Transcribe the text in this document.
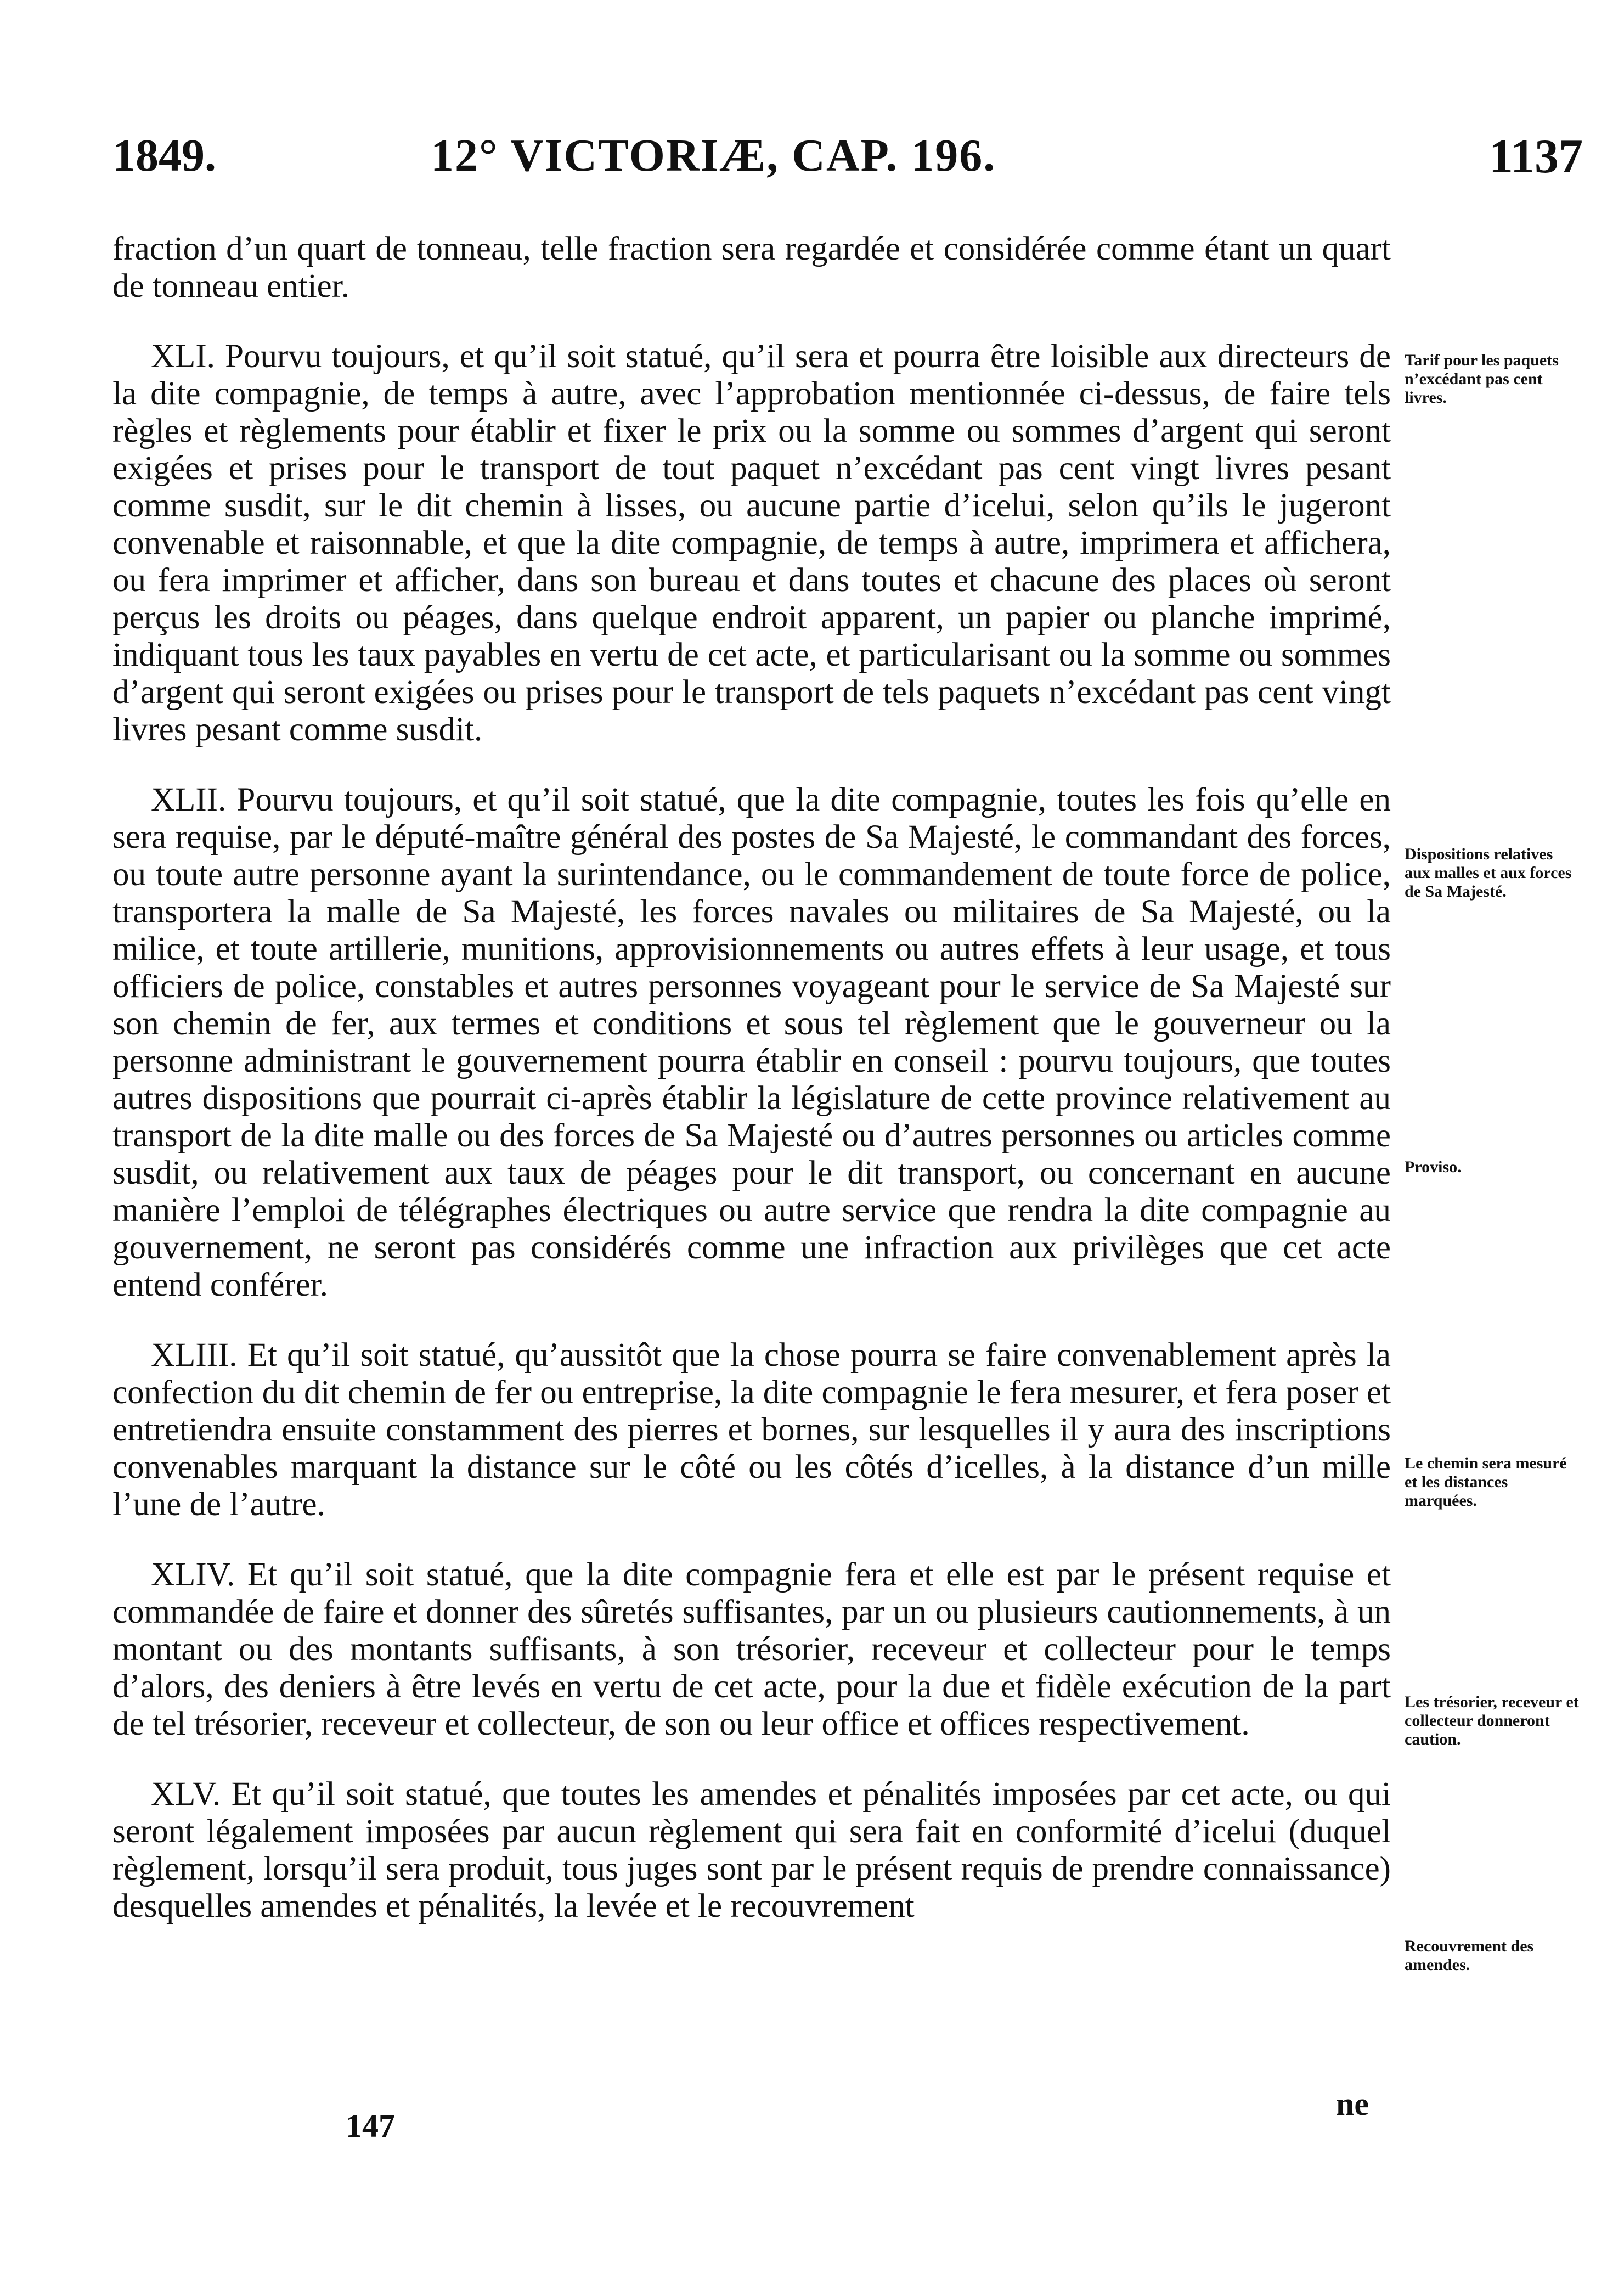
1849.	12° VICTORIÆ, CAP. 196.	1137
fraction d’un quart de tonneau, telle fraction sera regardée et considérée comme étant un quart de tonneau entier.
XLI. Pourvu toujours, et qu’il soit statué, qu’il sera et pourra être loisible aux directeurs de la dite compagnie, de temps à autre, avec l’approbation mentionnée ci-dessus, de faire tels règles et règlements pour établir et fixer le prix ou la somme ou sommes d’argent qui seront exigées et prises pour le transport de tout paquet n’excédant pas cent vingt livres pesant comme susdit, sur le dit chemin à lisses, ou aucune partie d’icelui, selon qu’ils le jugeront convenable et raisonnable, et que la dite compagnie, de temps à autre, imprimera et affichera, ou fera imprimer et afficher, dans son bureau et dans toutes et chacune des places où seront perçus les droits ou péages, dans quelque endroit apparent, un papier ou planche imprimé, indiquant tous les taux payables en vertu de cet acte, et particularisant ou la somme ou sommes d’argent qui seront exigées ou prises pour le transport de tels paquets n’excédant pas cent vingt livres pesant comme susdit.
XLII. Pourvu toujours, et qu’il soit statué, que la dite compagnie, toutes les fois qu’elle en sera requise, par le député-maître général des postes de Sa Majesté, le commandant des forces, ou toute autre personne ayant la surintendance, ou le commandement de toute force de police, transportera la malle de Sa Majesté, les forces navales ou militaires de Sa Majesté, ou la milice, et toute artillerie, munitions, approvisionnements ou autres effets à leur usage, et tous officiers de police, constables et autres personnes voyageant pour le service de Sa Majesté sur son chemin de fer, aux termes et conditions et sous tel règlement que le gouverneur ou la personne administrant le gouvernement pourra établir en conseil : pourvu toujours, que toutes autres dispositions que pourrait ci-après établir la législature de cette province relativement au transport de la dite malle ou des forces de Sa Majesté ou d’autres personnes ou articles comme susdit, ou relativement aux taux de péages pour le dit transport, ou concernant en aucune manière l’emploi de télégraphes électriques ou autre service que rendra la dite compagnie au gouvernement, ne seront pas considérés comme une infraction aux privilèges que cet acte entend conférer.
XLIII. Et qu’il soit statué, qu’aussitôt que la chose pourra se faire convenablement après la confection du dit chemin de fer ou entreprise, la dite compagnie le fera mesurer, et fera poser et entretiendra ensuite constamment des pierres et bornes, sur lesquelles il y aura des inscriptions convenables marquant la distance sur le côté ou les côtés d’icelles, à la distance d’un mille l’une de l’autre.
XLIV. Et qu’il soit statué, que la dite compagnie fera et elle est par le présent requise et commandée de faire et donner des sûretés suffisantes, par un ou plusieurs cautionnements, à un montant ou des montants suffisants, à son trésorier, receveur et collecteur pour le temps d’alors, des deniers à être levés en vertu de cet acte, pour la due et fidèle exécution de la part de tel trésorier, receveur et collecteur, de son ou leur office et offices respectivement.
XLV. Et qu’il soit statué, que toutes les amendes et pénalités imposées par cet acte, ou qui seront légalement imposées par aucun règlement qui sera fait en conformité d’icelui (duquel règlement, lorsqu’il sera produit, tous juges sont par le présent requis de prendre connaissance) desquelles amendes et pénalités, la levée et le recouvrement
Tarif pour les paquets n’excédant pas cent livres.
Dispositions relatives aux malles et aux forces de Sa Majesté.
Proviso.
Le chemin sera mesuré et les distances marquées.
Les trésorier, receveur et collecteur donneront caution.
Recouvrement des amendes.
ne
147
